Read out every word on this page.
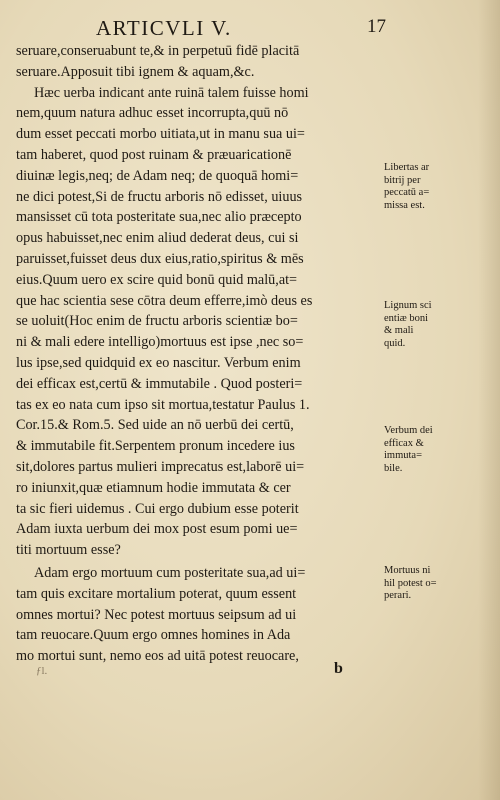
ARTICVLI V.	17
seruare,conseruabunt te,& in perpetuū fidē placitā
seruare.Apposuit tibi ignem & aquam,&c.
Hæc uerba indicant ante ruinā talem fuisse homi
nem,quum natura adhuc esset incorrupta,quū nō
dum esset peccati morbo uitiata,ut in manu sua ui=
tam haberet, quod post ruinam & præuaricationē
diuinæ legis,neq; de Adam neq; de quoquā homi=
ne dici potest,Si de fructu arboris nō edisset, uiuus
mansisset cū tota posteritate sua,nec alio præcepto
opus habuisset,nec enim aliud dederat deus, cui si
paruisset,fuisset deus dux eius,ratio,spiritus & mēs
eius.Quum uero ex scire quid bonū quid malū,at=
que hac scientia sese cōtra deum efferre,imò deus es
se uoluit(Hoc enim de fructu arboris scientiæ bo=
ni & mali edere intelligo)mortuus est ipse ,nec so=
lus ipse,sed quidquid ex eo nascitur. Verbum enim
dei efficax est,certū & immutabile . Quod posteri=
tas ex eo nata cum ipso sit mortua,testatur Paulus 1.
Cor.15.& Rom.5. Sed uide an nō uerbū dei certū,
& immutabile fit.Serpentem pronum incedere ius
sit,dolores partus mulieri imprecatus est,laborē ui=
ro iniunxit,quæ etiamnum hodie immutata & cer
ta sic fieri uidemus . Cui ergo dubium esse poterit
Adam iuxta uerbum dei mox post esum pomi ue=
titi mortuum esse?
Adam ergo mortuum cum posteritate sua,ad ui=
tam quis excitare mortalium poterat, quum essent
omnes mortui? Nec potest mortuus seipsum ad ui
tam reuocare.Quum ergo omnes homines in Ada
mo mortui sunt, nemo eos ad uitā potest reuocare,
Libertas ar
bitrij per
peccatū a=
missa est.
Lignum sci
entiæ boni
& mali
quid.
Verbum dei
efficax &
immuta=
bile.
Mortuus ni
hil potest o=
perari.
ƒl.	b
